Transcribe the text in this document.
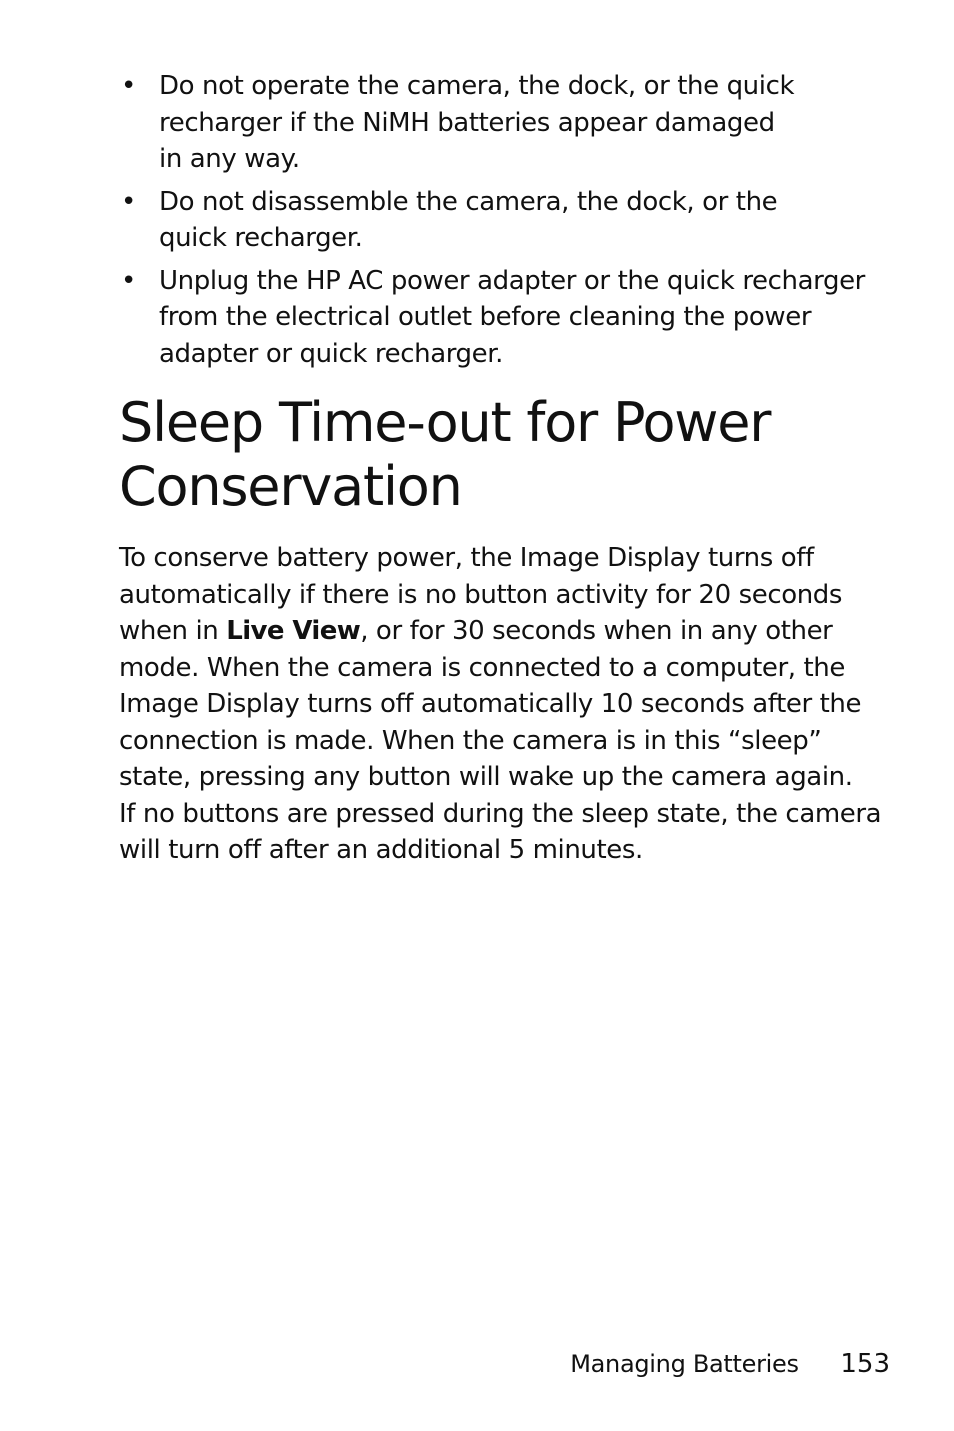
• Do not operate the camera, the dock, or the quick
recharger if the NiMH batteries appear damaged
in any way.
• Do not disassemble the camera, the dock, or the
quick recharger.
• Unplug the HP AC power adapter or the quick recharger
from the electrical outlet before cleaning the power
adapter or quick recharger.
Sleep Time-out for Power
Conservation

To conserve battery power, the Image Display turns off
automatically if there is no button activity for 20 seconds
when in Live View, or for 30 seconds when in any other
mode. When the camera is connected to a computer, the
Image Display turns off automatically 10 seconds after the
connection is made. When the camera is in this “sleep”
state, pressing any button will wake up the camera again.
If no buttons are pressed during the sleep state, the camera
will turn off after an additional 5 minutes.

Managing Batteries 153
